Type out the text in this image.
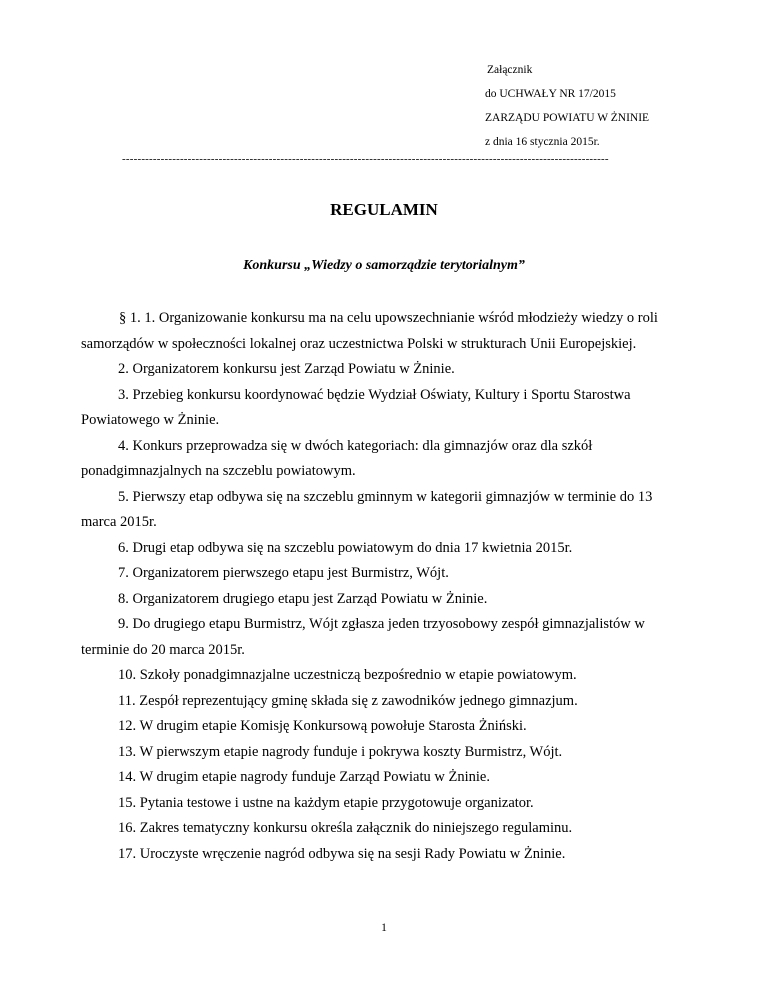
Załącznik
do UCHWAŁY NR 17/2015
ZARZĄDU POWIATU W ŻNINIE
z dnia 16 stycznia 2015r.
------------------------------------------------------------------------------------------------------------------------------
REGULAMIN
Konkursu „Wiedzy o samorządzie terytorialnym”

§ 1. 1. Organizowanie konkursu ma na celu upowszechnianie wśród młodzieży wiedzy o roli samorządów w społeczności lokalnej oraz uczestnictwa Polski w strukturach Unii Europejskiej.

2. Organizatorem konkursu jest Zarząd Powiatu w Żninie.

3. Przebieg konkursu koordynować będzie Wydział Oświaty, Kultury i Sportu Starostwa Powiatowego w Żninie.

4. Konkurs przeprowadza się w dwóch kategoriach: dla gimnazjów oraz dla szkół ponadgimnazjalnych na szczeblu powiatowym.

5. Pierwszy etap odbywa się na szczeblu gminnym w kategorii gimnazjów w terminie do 13 marca 2015r.

6. Drugi etap odbywa się na szczeblu powiatowym do dnia 17 kwietnia 2015r.

7. Organizatorem pierwszego etapu jest Burmistrz, Wójt.

8. Organizatorem drugiego etapu jest Zarząd Powiatu w Żninie.

9. Do drugiego etapu Burmistrz, Wójt zgłasza jeden trzyosobowy zespół gimnazjalistów w terminie do 20 marca 2015r.

10. Szkoły ponadgimnazjalne uczestniczą bezpośrednio w etapie powiatowym.

11. Zespół reprezentujący gminę składa się z zawodników jednego gimnazjum.

12. W drugim etapie Komisję Konkursową powołuje Starosta Żniński.

13. W pierwszym etapie nagrody funduje i pokrywa koszty Burmistrz, Wójt.

14. W drugim etapie nagrody funduje Zarząd Powiatu w Żninie.

15. Pytania testowe i ustne na każdym etapie przygotowuje organizator.

16. Zakres tematyczny konkursu określa załącznik do niniejszego regulaminu.

17. Uroczyste wręczenie nagród odbywa się na sesji Rady Powiatu w Żninie.

1
